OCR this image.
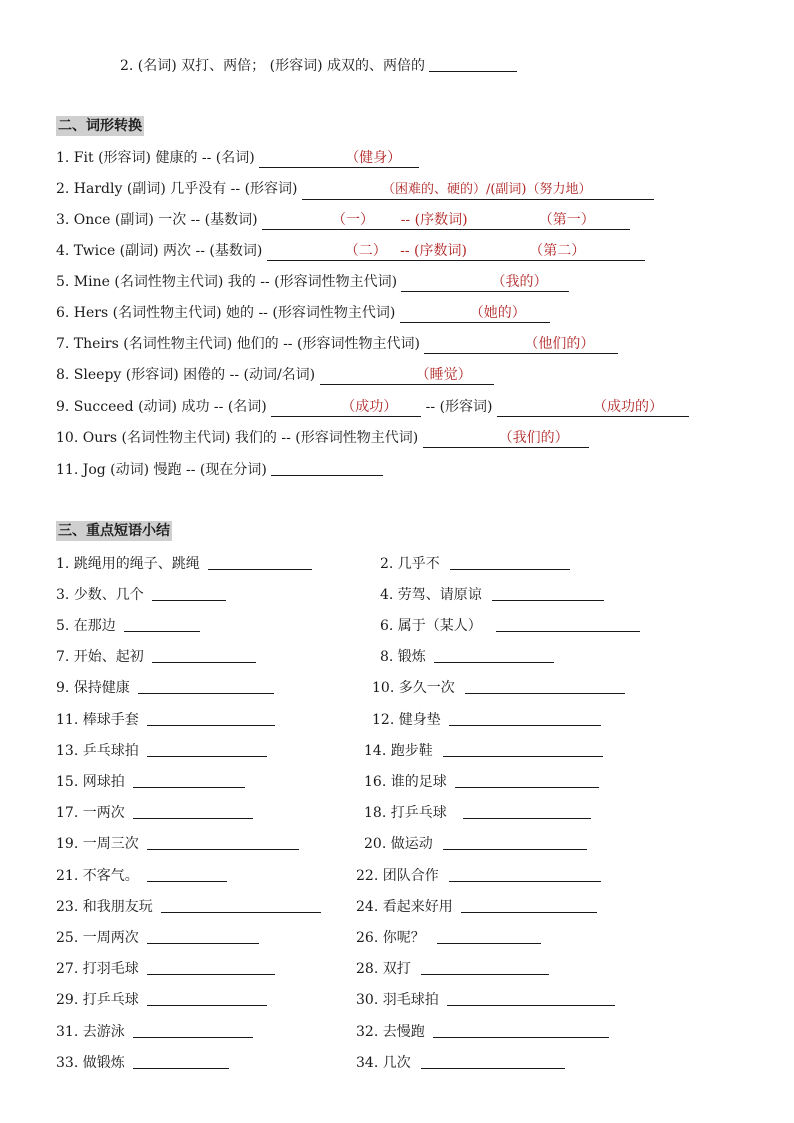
2. (名词) 双打、两倍； (形容词) 成双的、两倍的
二、词形转换
1. Fit (形容词) 健康的 -- (名词)	（健身）
2. Hardly (副词) 几乎没有 -- (形容词)	（困难的、硬的）/(副词)（努力地）
3. Once (副词) 一次 -- (基数词)	（一）      -- (序数词)                （第一）
4. Twice (副词) 两次 -- (基数词)	（二）   -- (序数词)              （第二）
5. Mine (名词性物主代词) 我的 -- (形容词性物主代词)	（我的）
6. Hers (名词性物主代词) 她的 -- (形容词性物主代词)	（她的）
7. Theirs (名词性物主代词) 他们的 -- (形容词性物主代词)	（他们的）
8. Sleepy (形容词) 困倦的 -- (动词/名词)	（睡觉）
9. Succeed (动词) 成功 -- (名词)	（成功） -- (形容词)	（成功的）
10. Ours (名词性物主代词) 我们的 -- (形容词性物主代词)	（我们的）
11. Jog (动词) 慢跑 -- (现在分词)
三、重点短语小结
1. 跳绳用的绳子、跳绳	2. 几乎不
3. 少数、几个	4. 劳驾、请原谅
5. 在那边	6. 属于（某人）
7. 开始、起初	8. 锻炼
9. 保持健康	10. 多久一次
11. 棒球手套	12. 健身垫
13. 乒乓球拍	14. 跑步鞋
15. 网球拍	16. 谁的足球
17. 一两次	18. 打乒乓球
19. 一周三次	20. 做运动
21. 不客气。	22. 团队合作
23. 和我朋友玩	24. 看起来好用
25. 一周两次	26. 你呢？
27. 打羽毛球	28. 双打
29. 打乒乓球	30. 羽毛球拍
31. 去游泳	32. 去慢跑
33. 做锻炼	34. 几次
